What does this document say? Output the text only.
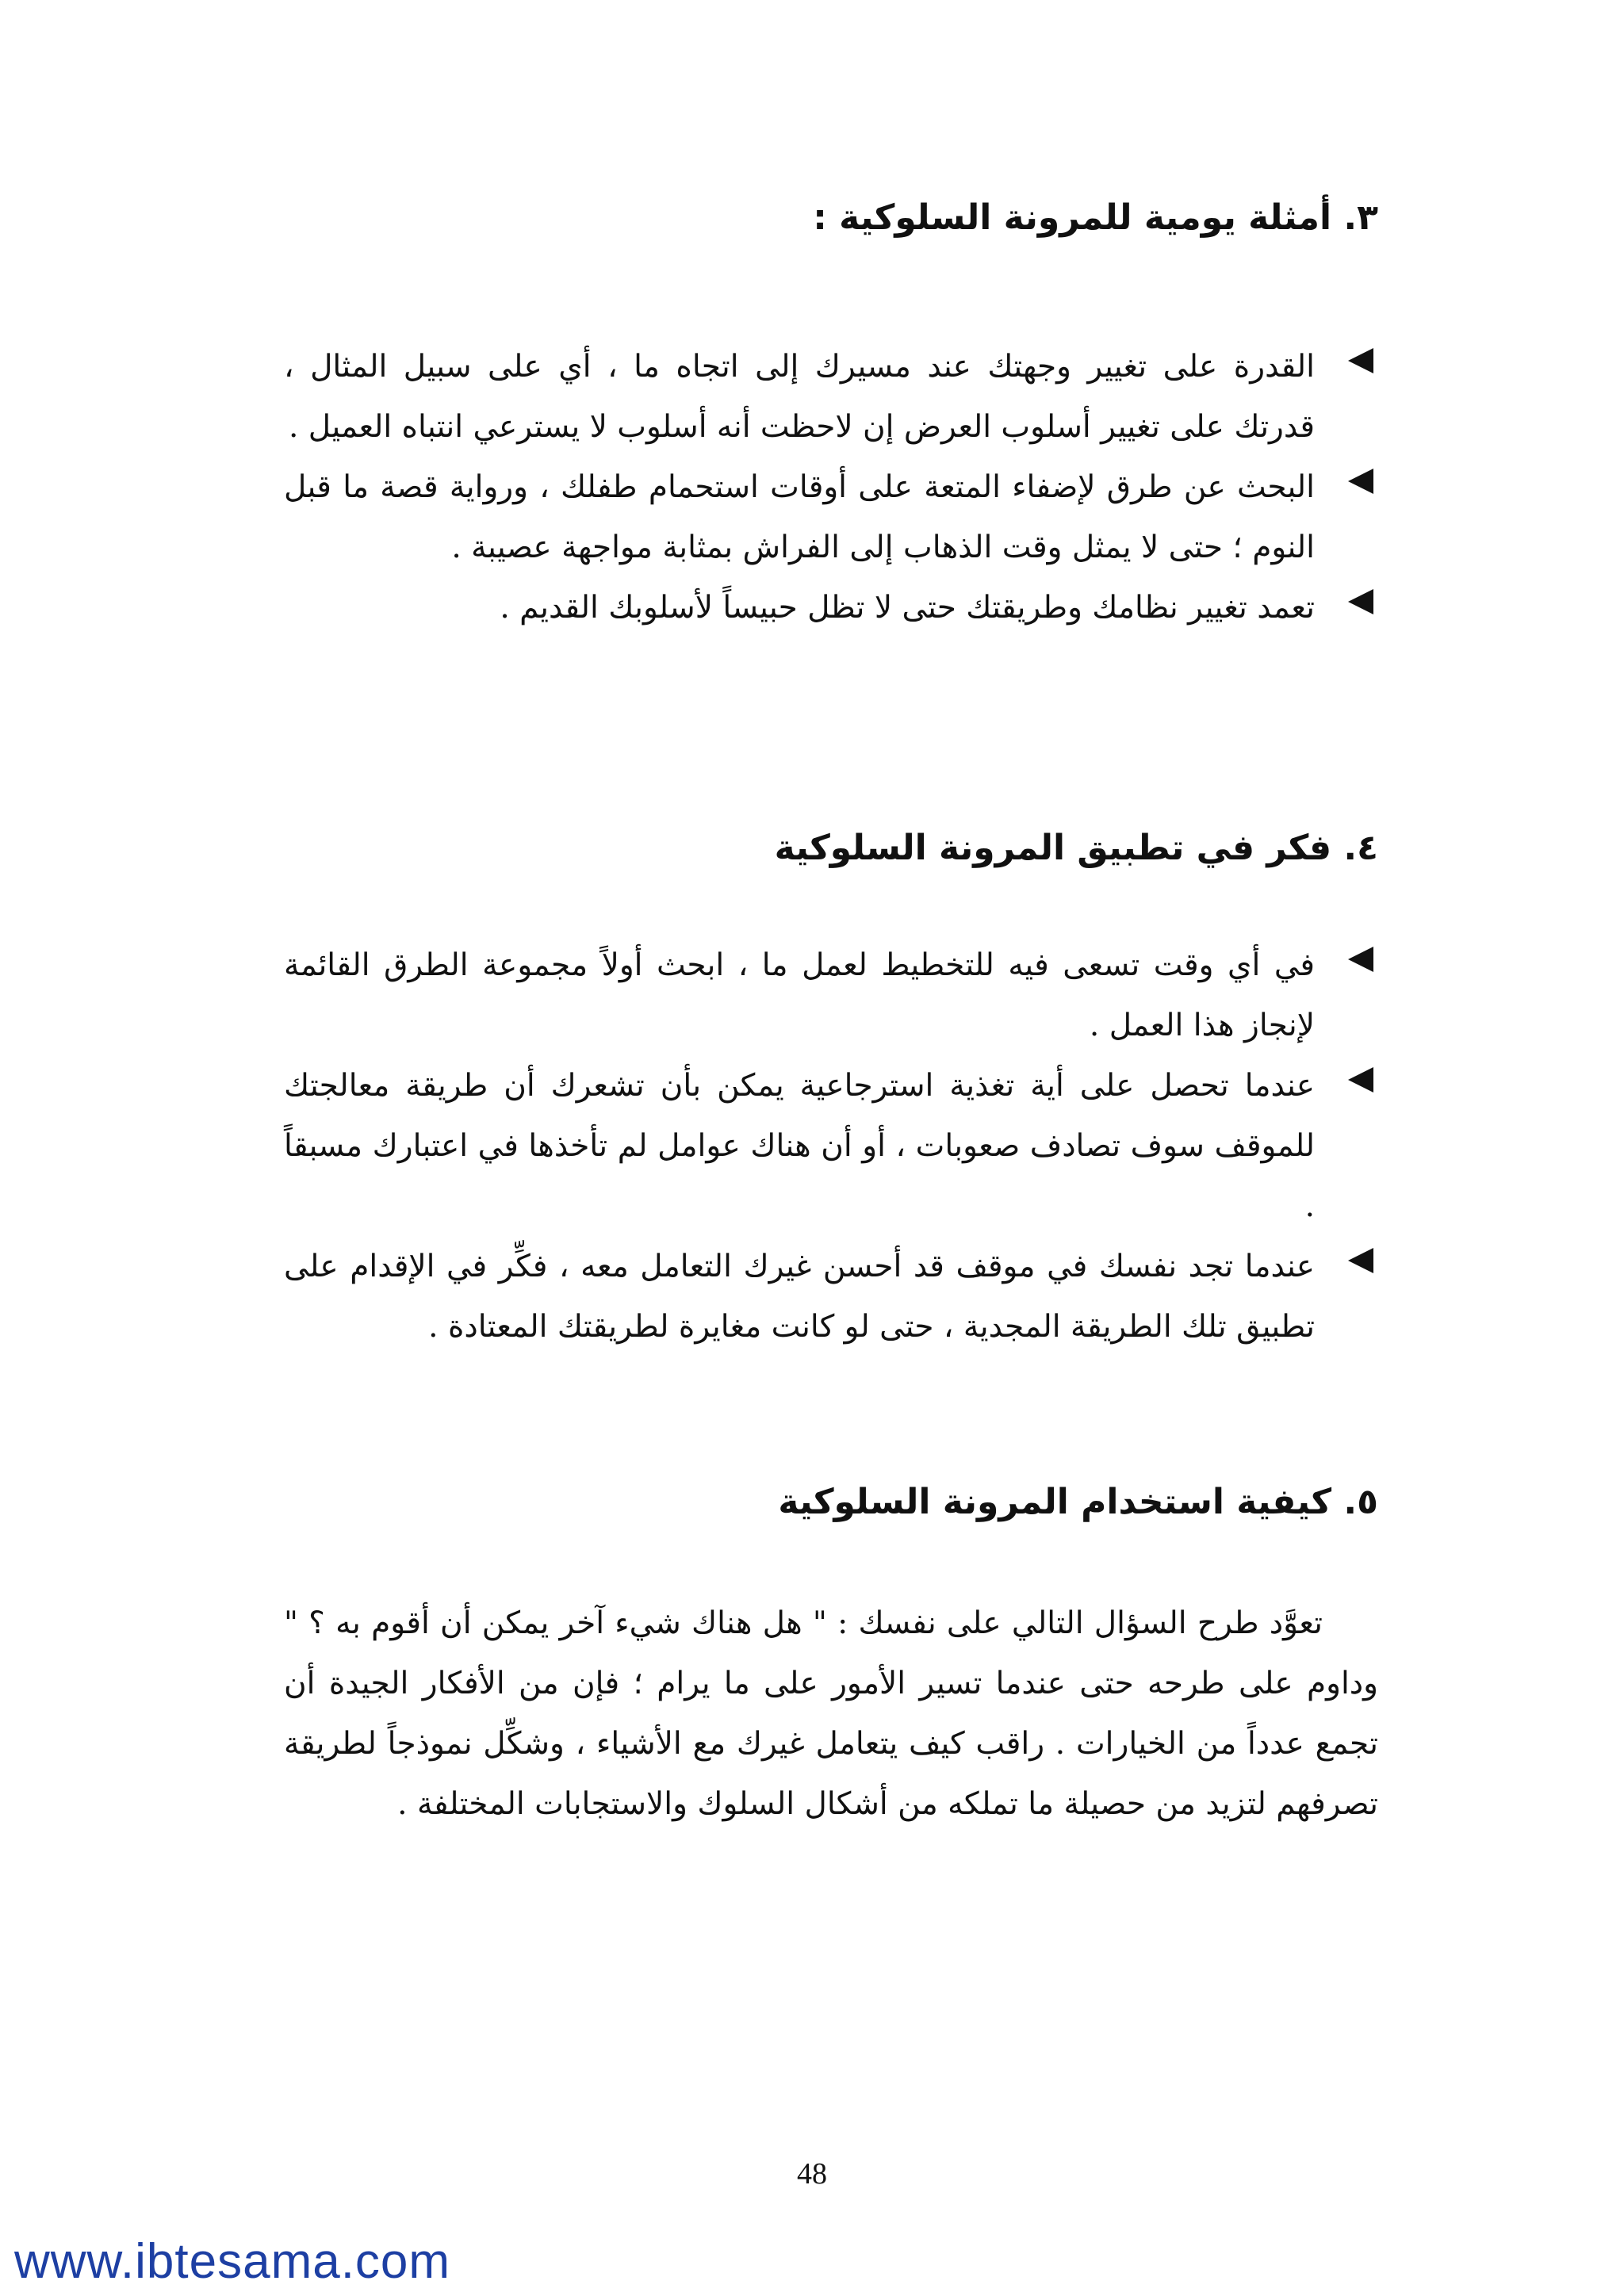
٣. أمثلة يومية للمرونة السلوكية :
القدرة على تغيير وجهتك عند مسيرك إلى اتجاه ما ، أي على سبيل المثال ، قدرتك على تغيير أسلوب العرض إن لاحظت أنه أسلوب لا يسترعي انتباه العميل .
البحث عن طرق لإضفاء المتعة على أوقات استحمام طفلك ، ورواية قصة ما قبل النوم ؛ حتى لا يمثل وقت الذهاب إلى الفراش بمثابة مواجهة عصيبة .
تعمد تغيير نظامك وطريقتك حتى لا تظل حبيساً لأسلوبك القديم .
٤. فكر في تطبيق المرونة السلوكية
في أي وقت تسعى فيه للتخطيط لعمل ما ، ابحث أولاً مجموعة الطرق القائمة لإنجاز هذا العمل .
عندما تحصل على أية تغذية استرجاعية يمكن بأن تشعرك أن طريقة معالجتك للموقف سوف تصادف صعوبات ، أو أن هناك عوامل لم تأخذها في اعتبارك مسبقاً .
عندما تجد نفسك في موقف قد أحسن غيرك التعامل معه ، فكِّر في الإقدام على تطبيق تلك الطريقة المجدية ، حتى لو كانت مغايرة لطريقتك المعتادة .
٥. كيفية استخدام المرونة السلوكية

تعوَّد طرح السؤال التالي على نفسك : " هل هناك شيء آخر يمكن أن أقوم به ؟ " وداوم على طرحه حتى عندما تسير الأمور على ما يرام ؛ فإن من الأفكار الجيدة أن تجمع عدداً من الخيارات . راقب كيف يتعامل غيرك مع الأشياء ، وشكِّل نموذجاً لطريقة تصرفهم لتزيد من حصيلة ما تملكه من أشكال السلوك والاستجابات المختلفة .

48
www.ibtesama.com
